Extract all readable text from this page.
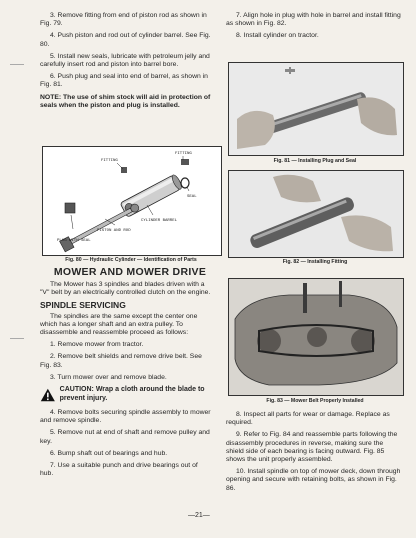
3. Remove fitting from end of piston rod as shown in Fig. 79.

4. Push piston and rod out of cylinder barrel. See Fig. 80.

5. Install new seals, lubricate with petroleum jelly and carefully insert rod and piston into barrel bore.

6. Push plug and seal into end of barrel, as shown in Fig. 81.

NOTE: The use of shim stock will aid in protection of seals when the piston and plug is installed.

FITTING
FITTING
SEAL
CYLINDER BARREL
PISTON AND ROD
PLUG WITH SEAL
Fig. 80 — Hydraulic Cylinder — Identification of Parts

7. Align hole in plug with hole in barrel and install fitting as shown in Fig. 82.

8. Install cylinder on tractor.

Fig. 81 — Installing Plug and Seal
Fig. 82 — Installing Fitting
MOWER AND MOWER DRIVE

The Mower has 3 spindles and blades driven with a "V" belt by an electrically controlled clutch on the engine.

SPINDLE SERVICING

The spindles are the same except the center one which has a longer shaft and an extra pulley. To disassemble and reassemble proceed as follows:

1. Remove mower from tractor.

2. Remove belt shields and remove drive belt. See Fig. 83.

3. Turn mower over and remove blade.

CAUTION: Wrap a cloth around the blade to prevent injury.

4. Remove bolts securing spindle assembly to mower and remove spindle.

5. Remove nut at end of shaft and remove pulley and key.

6. Bump shaft out of bearings and hub.

7. Use a suitable punch and drive bearings out of hub.

Fig. 83 — Mower Belt Properly Installed

8. Inspect all parts for wear or damage. Replace as required.

9. Refer to Fig. 84 and reassemble parts following the disassembly procedures in reverse, making sure the shield side of each bearing is facing outward. Fig. 85 shows the unit properly assembled.

10. Install spindle on top of mower deck, down through opening and secure with retaining bolts, as shown in Fig. 86.

—21—
